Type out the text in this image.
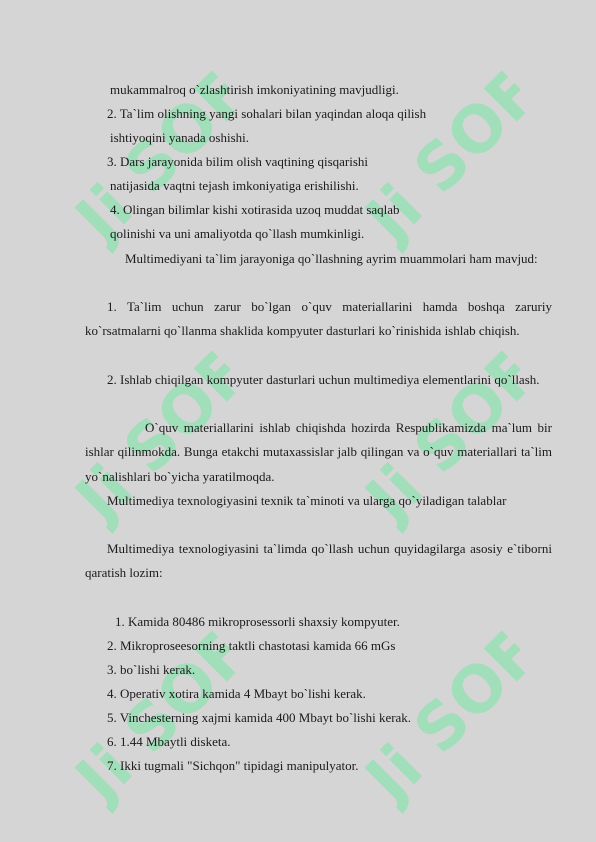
Ji SOFF
Ji SOFF
Ji SOFF
Ji SOFF
Ji SOFF
Ji SOFF
mukammalroq o`zlashtirish imkoniyatining mavjudligi.
2. Ta`lim olishning yangi sohalari bilan yaqindan aloqa qilish
ishtiyoqini yanada oshishi.
3. Dars jarayonida bilim olish vaqtining qisqarishi
natijasida vaqtni tejash imkoniyatiga erishilishi.
4. Olingan bilimlar kishi xotirasida uzoq muddat saqlab
qolinishi va uni amaliyotda qo`llash mumkinligi.
Multimediyani ta`lim jarayoniga qo`llashning ayrim muammolari ham mavjud:
1. Ta`lim uchun zarur bo`lgan o`quv materiallarini hamda boshqa zaruriy ko`rsatmalarni qo`llanma shaklida kompyuter dasturlari ko`rinishida ishlab chiqish.
2. Ishlab chiqilgan kompyuter dasturlari uchun multimediya elementlarini qo`llash.
O`quv materiallarini ishlab chiqishda hozirda Respublikamizda ma`lum bir ishlar qilinmokda. Bunga etakchi mutaxassislar jalb qilingan va o`quv materiallari ta`lim yo`nalishlari bo`yicha yaratilmoqda.
Multimediya texnologiyasini texnik ta`minoti va ularga qo`yiladigan talablar
Multimediya texnologiyasini ta`limda qo`llash uchun quyidagilarga asosiy e`tiborni qaratish lozim:
1. Kamida 80486 mikroprosessorli shaxsiy kompyuter.
2. Mikroproseesorning taktli chastotasi kamida 66 mGs
3. bo`lishi kerak.
4. Operativ xotira kamida 4 Mbayt bo`lishi kerak.
5. Vinchesterning xajmi kamida 400 Mbayt bo`lishi kerak.
6. 1.44 Mbaytli disketa.
7. Ikki tugmali "Sichqon" tipidagi manipulyator.
